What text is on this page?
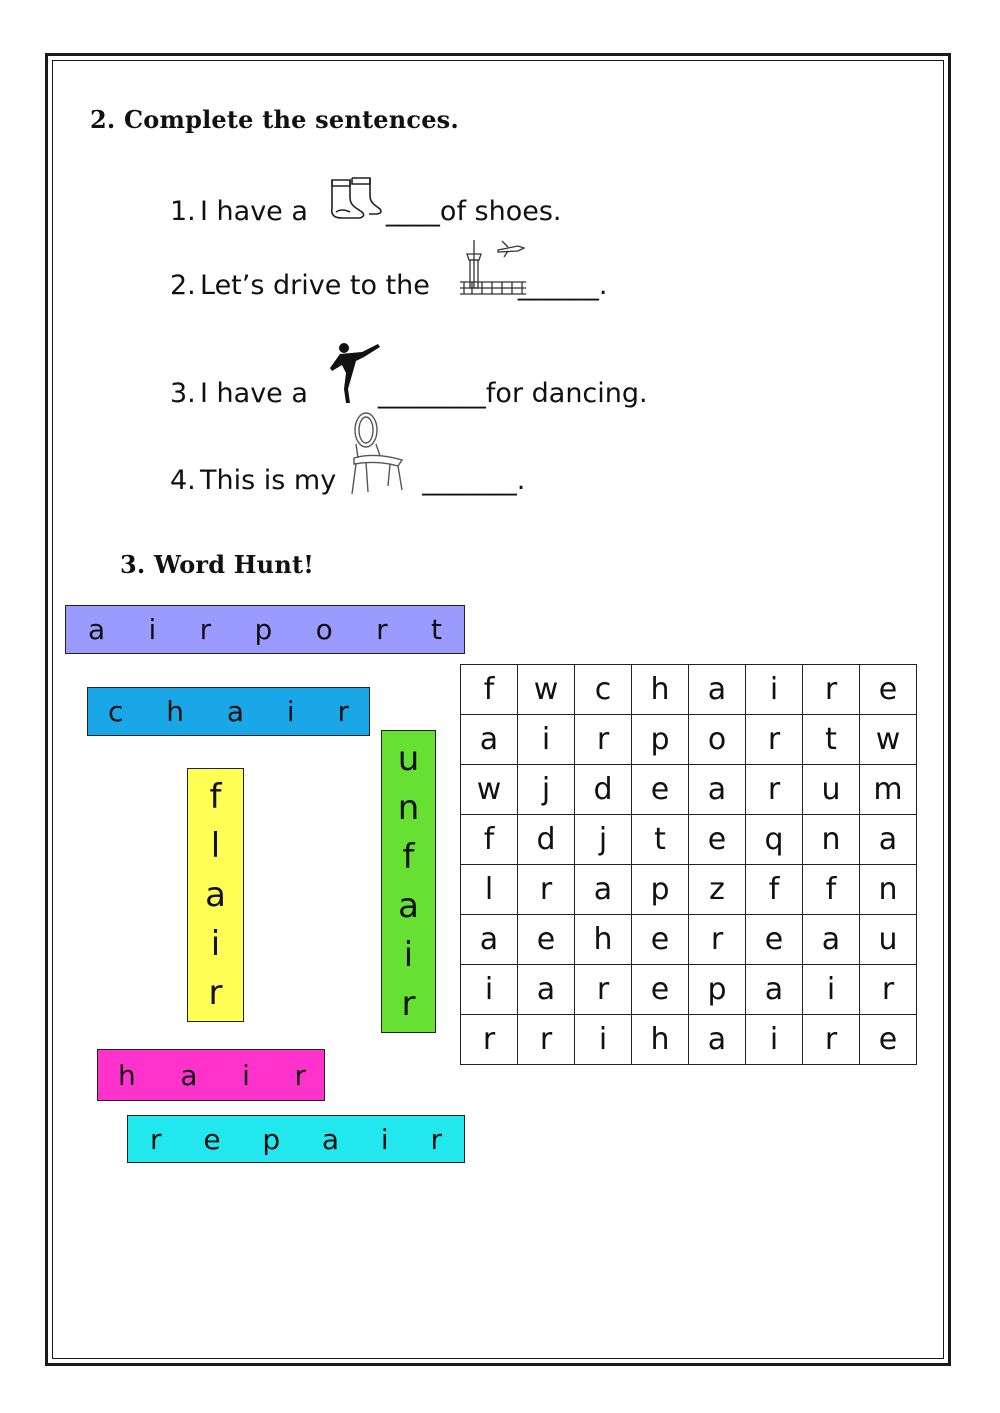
2. Complete the sentences.
1. I have a	____of shoes.
2. Let’s drive to the	______.
3. I have a	________for dancing.
4. This is my	_______.
3. Word Hunt!
a i r p o r t
c h a i r
f
l
a
i
r
u
n
f
a
i
r
h a i r
r e p a i r
f	w	c	h	a	i	r	e
a	i	r	p	o	r	t	w
w	j	d	e	a	r	u	m
f	d	j	t	e	q	n	a
l	r	a	p	z	f	f	n
a	e	h	e	r	e	a	u
i	a	r	e	p	a	i	r
r	r	i	h	a	i	r	e
